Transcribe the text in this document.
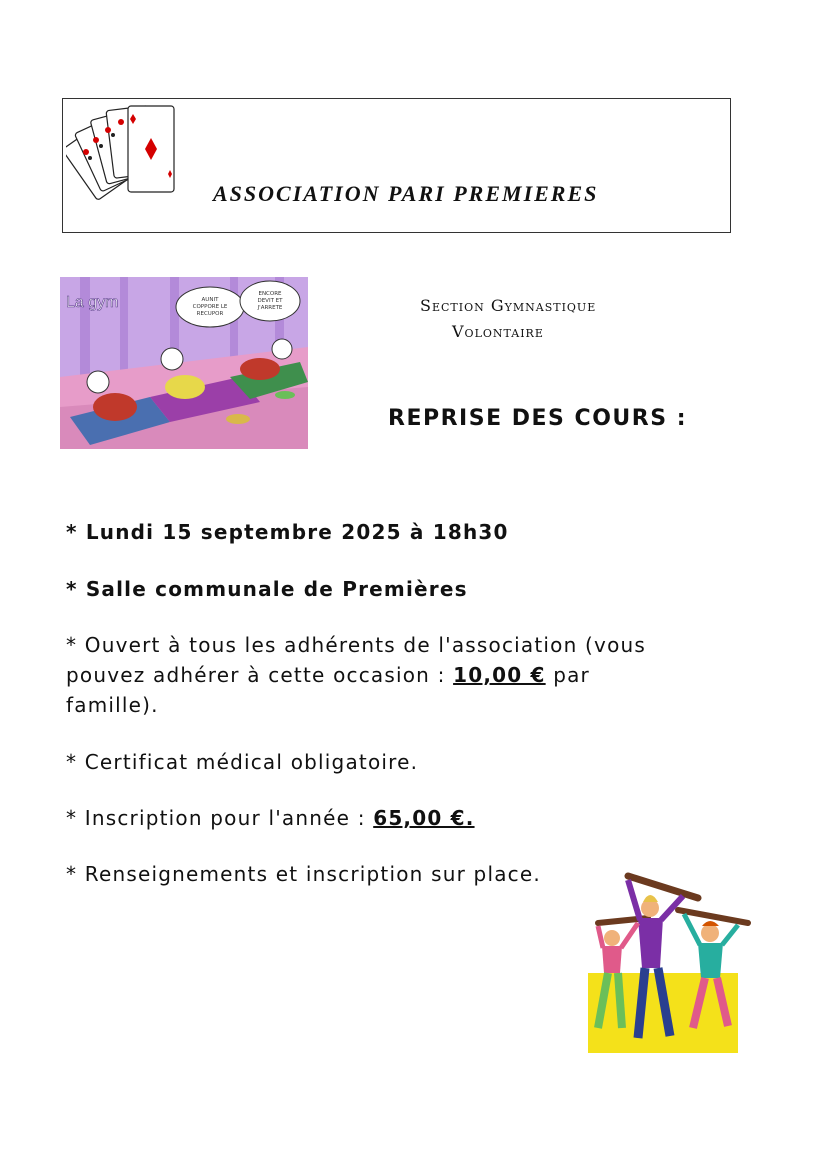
ASSOCIATION PARI PREMIERES
La gym	AUNIT
COPPORE LE
RECUPOR
ENCORE
DEVIT ET
J'ARRETE	Section Gymnastique
Volontaire
REPRISE DES COURS :
* Lundi 15 septembre 2025 à 18h30
* Salle communale de Premières
* Ouvert à tous les adhérents de l'association (vous
pouvez adhérer à cette occasion : 10,00 € par
famille).
* Certificat médical obligatoire.
* Inscription pour l'année : 65,00 €.
* Renseignements et inscription sur place.
